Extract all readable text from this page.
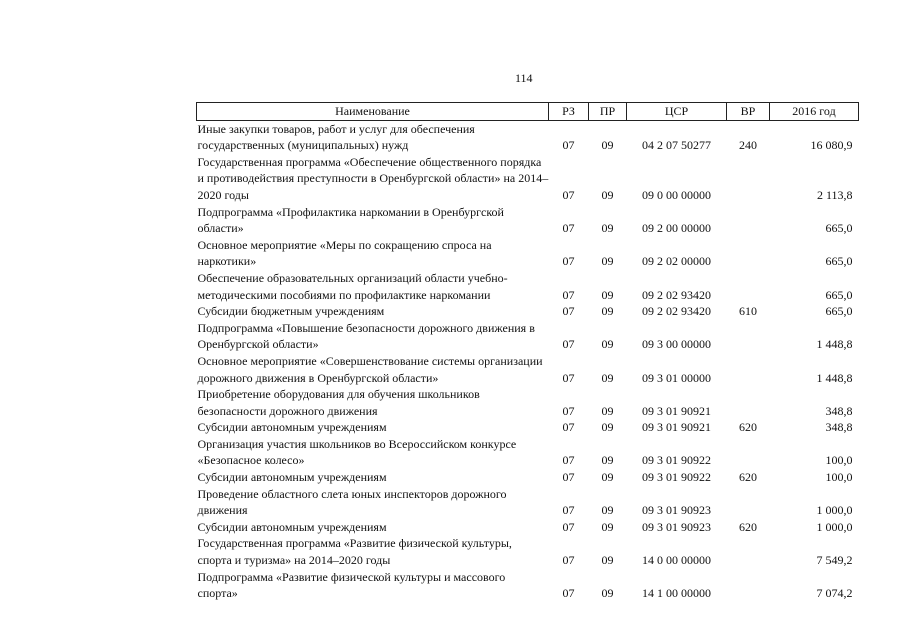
114
Наименование	РЗ	ПР	ЦСР	ВР	2016 год
Иные закупки товаров, работ и услуг для обеспечения государственных (муниципальных) нужд	07	09	04 2 07 50277	240	16 080,9
Государственная программа «Обеспечение общественного порядка и противодействия преступности в Оренбургской области» на 2014–2020 годы	07	09	09 0 00 00000		2 113,8
Подпрограмма «Профилактика наркомании в Оренбургской области»	07	09	09 2 00 00000		665,0
Основное мероприятие «Меры по сокращению спроса на наркотики»	07	09	09 2 02 00000		665,0
Обеспечение образовательных организаций области учебно-методическими пособиями по профилактике наркомании	07	09	09 2 02 93420		665,0
Субсидии бюджетным учреждениям	07	09	09 2 02 93420	610	665,0
Подпрограмма «Повышение безопасности дорожного движения в Оренбургской области»	07	09	09 3 00 00000		1 448,8
Основное мероприятие «Совершенствование системы организации дорожного движения в Оренбургской области»	07	09	09 3 01 00000		1 448,8
Приобретение оборудования для обучения школьников безопасности дорожного движения	07	09	09 3 01 90921		348,8
Субсидии автономным учреждениям	07	09	09 3 01 90921	620	348,8
Организация участия школьников во Всероссийском конкурсе «Безопасное колесо»	07	09	09 3 01 90922		100,0
Субсидии автономным учреждениям	07	09	09 3 01 90922	620	100,0
Проведение областного слета юных инспекторов дорожного движения	07	09	09 3 01 90923		1 000,0
Субсидии автономным учреждениям	07	09	09 3 01 90923	620	1 000,0
Государственная программа «Развитие физической культуры, спорта и туризма» на 2014–2020 годы	07	09	14 0 00 00000		7 549,2
Подпрограмма «Развитие физической культуры и массового спорта»	07	09	14 1 00 00000		7 074,2
